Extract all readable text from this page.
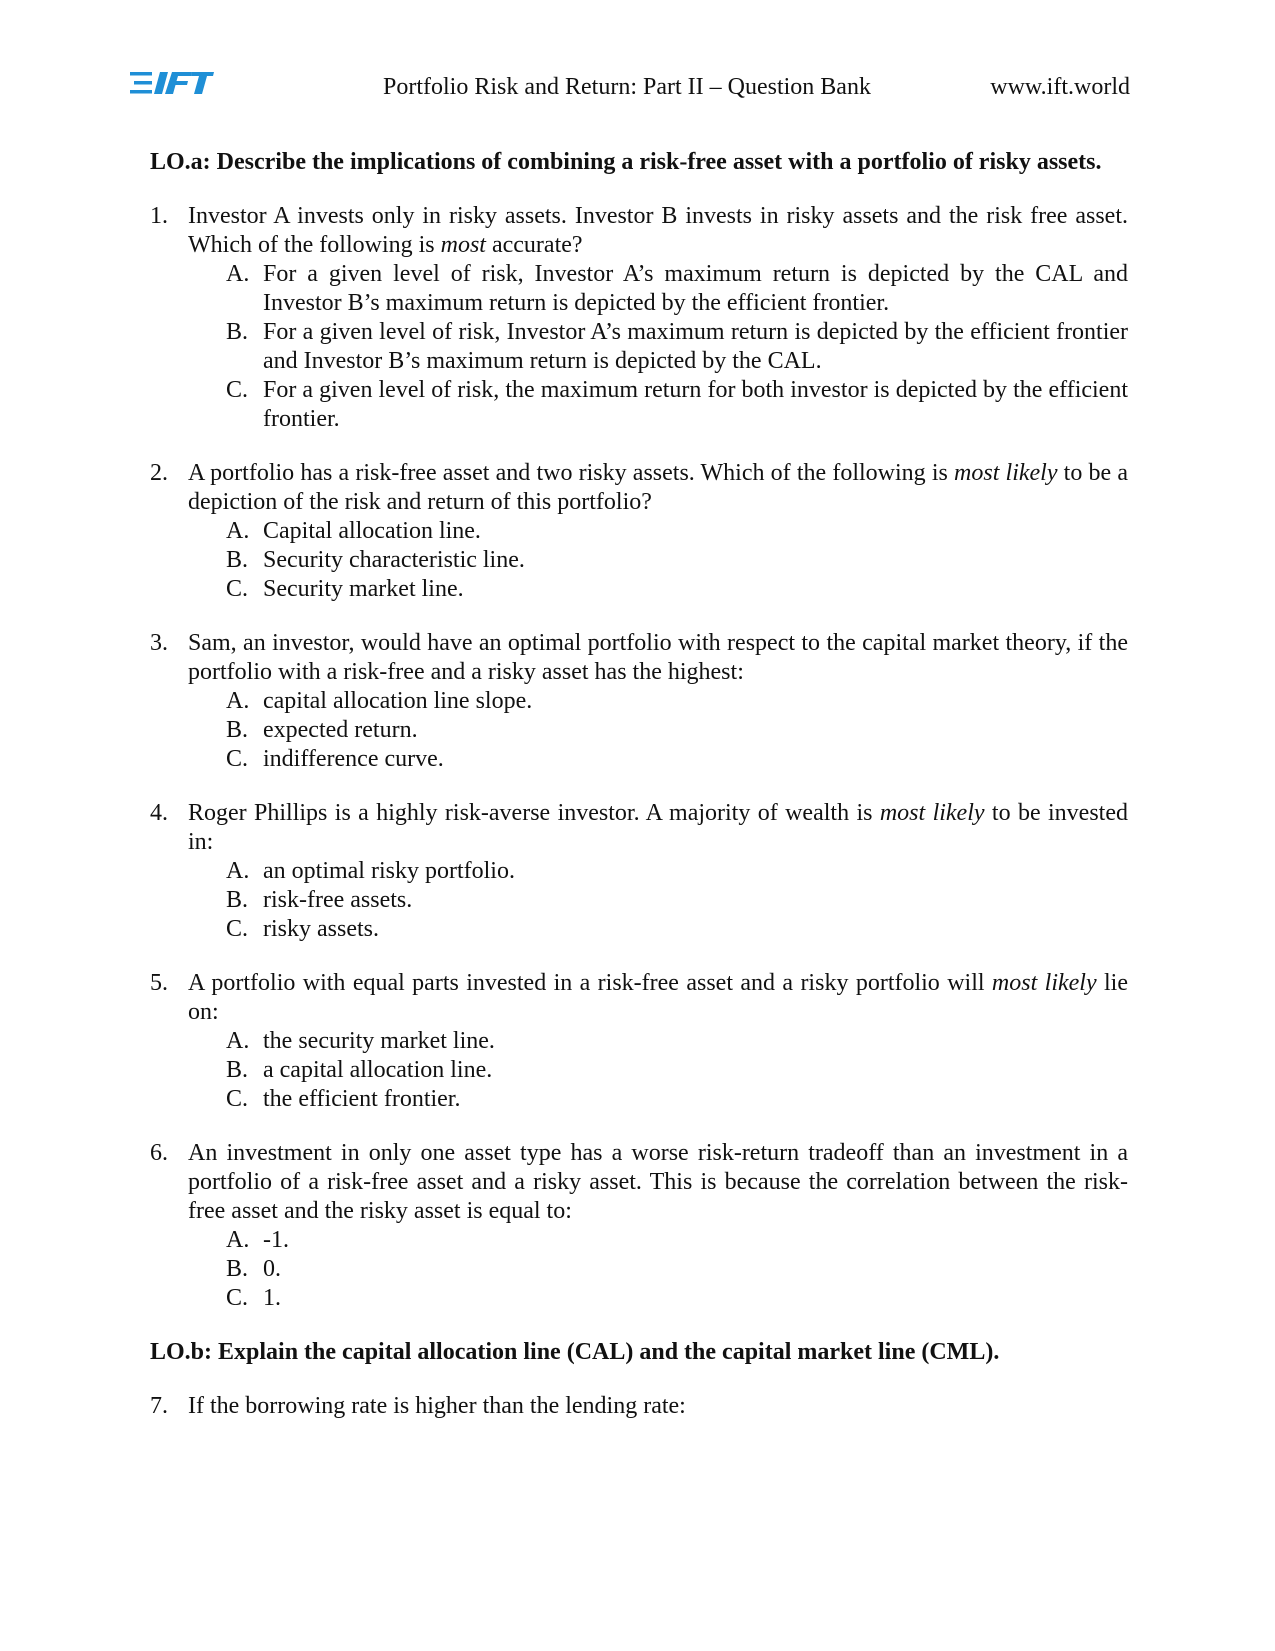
Portfolio Risk and Return: Part II – Question Bank	www.ift.world

LO.a: Describe the implications of combining a risk-free asset with a portfolio of risky assets.

1. Investor A invests only in risky assets. Investor B invests in risky assets and the risk free asset. Which of the following is most accurate?

A. For a given level of risk, Investor A’s maximum return is depicted by the CAL and Investor B’s maximum return is depicted by the efficient frontier.
B. For a given level of risk, Investor A’s maximum return is depicted by the efficient frontier and Investor B’s maximum return is depicted by the CAL.
C. For a given level of risk, the maximum return for both investor is depicted by the efficient frontier.
2. A portfolio has a risk-free asset and two risky assets. Which of the following is most likely to be a depiction of the risk and return of this portfolio?

A. Capital allocation line.
B. Security characteristic line.
C. Security market line.
3. Sam, an investor, would have an optimal portfolio with respect to the capital market theory, if the portfolio with a risk-free and a risky asset has the highest:

A. capital allocation line slope.
B. expected return.
C. indifference curve.
4. Roger Phillips is a highly risk-averse investor. A majority of wealth is most likely to be invested in:

A. an optimal risky portfolio.
B. risk-free assets.
C. risky assets.
5. A portfolio with equal parts invested in a risk-free asset and a risky portfolio will most likely lie on:

A. the security market line.
B. a capital allocation line.
C. the efficient frontier.
6. An investment in only one asset type has a worse risk-return tradeoff than an investment in a portfolio of a risk-free asset and a risky asset. This is because the correlation between the risk-free asset and the risky asset is equal to:

A. -1.
B. 0.
C. 1.

LO.b: Explain the capital allocation line (CAL) and the capital market line (CML).

7. If the borrowing rate is higher than the lending rate:
